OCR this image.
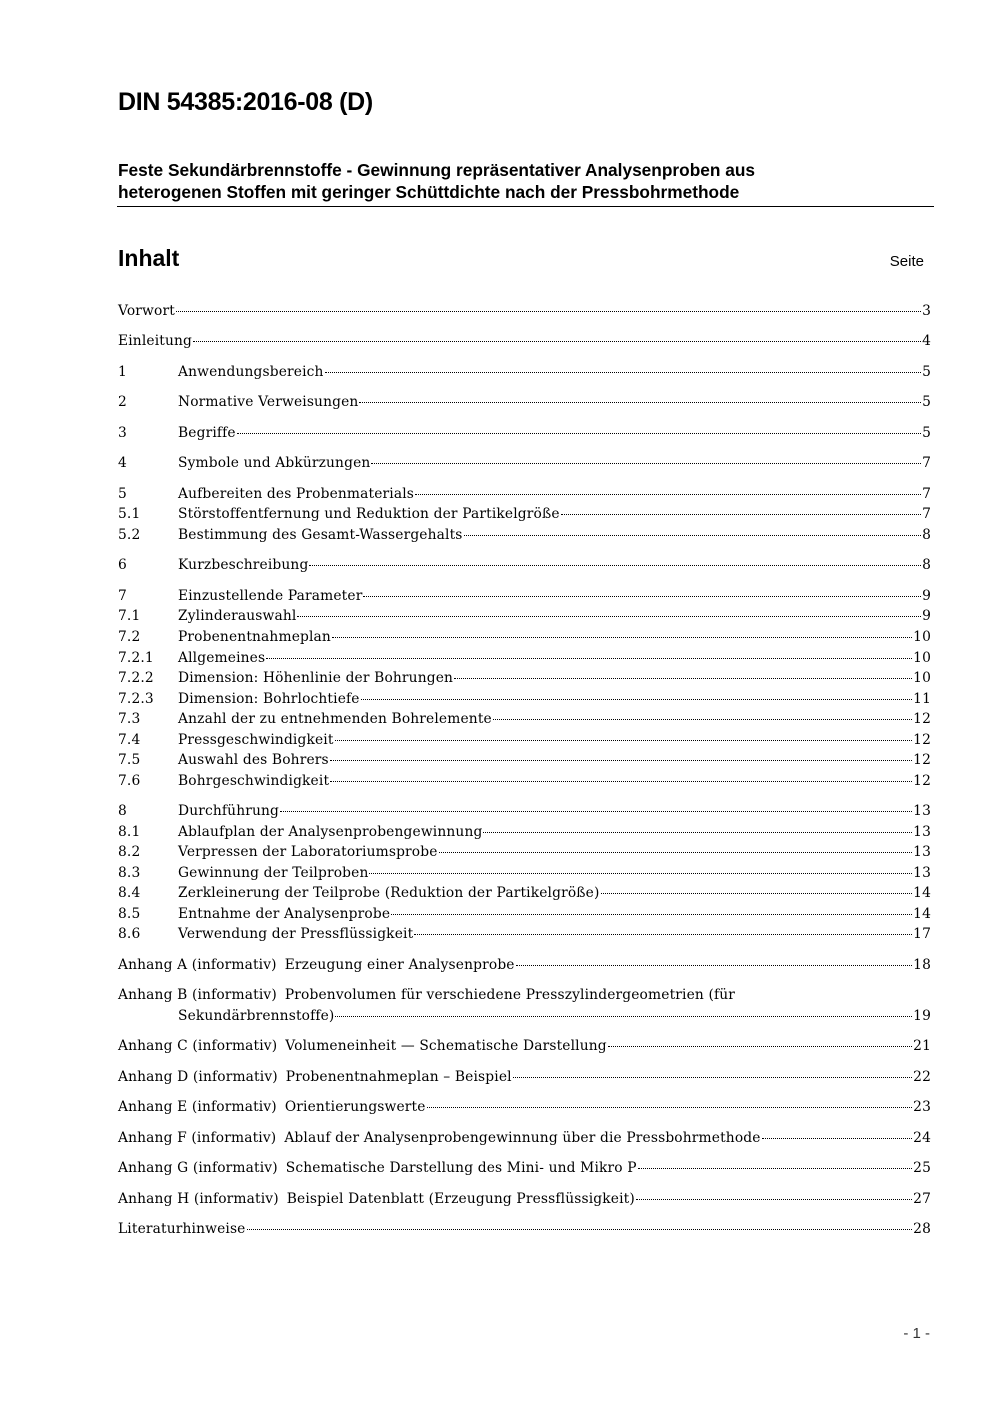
DIN 54385:2016-08 (D)
Feste Sekundärbrennstoffe - Gewinnung repräsentativer Analysenproben aus
heterogenen Stoffen mit geringer Schüttdichte nach der Pressbohrmethode
Inhalt	Seite
Vorwort	3
Einleitung	4
1	Anwendungsbereich	5
2	Normative Verweisungen	5
3	Begriffe	5
4	Symbole und Abkürzungen	7
5	Aufbereiten des Probenmaterials	7
5.1	Störstoffentfernung und Reduktion der Partikelgröße	7
5.2	Bestimmung des Gesamt-Wassergehalts	8
6	Kurzbeschreibung	8
7	Einzustellende Parameter	9
7.1	Zylinderauswahl	9
7.2	Probenentnahmeplan	10
7.2.1	Allgemeines	10
7.2.2	Dimension: Höhenlinie der Bohrungen	10
7.2.3	Dimension: Bohrlochtiefe	11
7.3	Anzahl der zu entnehmenden Bohrelemente	12
7.4	Pressgeschwindigkeit	12
7.5	Auswahl des Bohrers	12
7.6	Bohrgeschwindigkeit	12
8	Durchführung	13
8.1	Ablaufplan der Analysenprobengewinnung	13
8.2	Verpressen der Laboratoriumsprobe	13
8.3	Gewinnung der Teilproben	13
8.4	Zerkleinerung der Teilprobe (Reduktion der Partikelgröße)	14
8.5	Entnahme der Analysenprobe	14
8.6	Verwendung der Pressflüssigkeit	17
Anhang A (informativ) Erzeugung einer Analysenprobe	18
Anhang B (informativ) Probenvolumen für verschiedene Presszylindergeometrien (für
Sekundärbrennstoffe)	19
Anhang C (informativ) Volumeneinheit — Schematische Darstellung	21
Anhang D (informativ) Probenentnahmeplan – Beispiel	22
Anhang E (informativ) Orientierungswerte	23
Anhang F (informativ) Ablauf der Analysenprobengewinnung über die Pressbohrmethode	24
Anhang G (informativ) Schematische Darstellung des Mini- und Mikro P	25
Anhang H (informativ) Beispiel Datenblatt (Erzeugung Pressflüssigkeit)	27
Literaturhinweise	28
- 1 -
